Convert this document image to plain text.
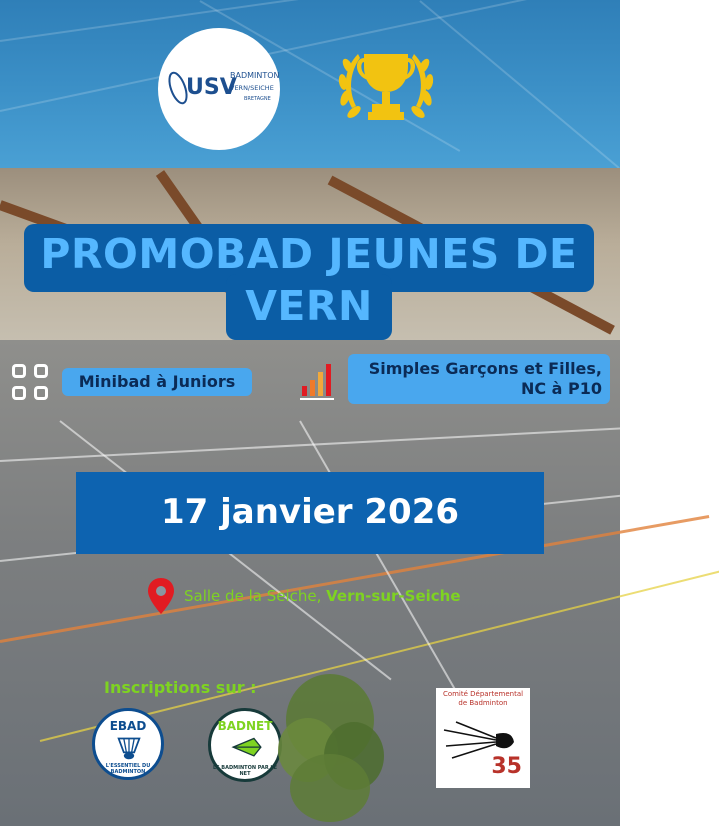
USV
BADMINTON
VERN/SEICHE
BRETAGNE
PROMOBAD JEUNES DE VERN
Minibad à Juniors
Simples Garçons et Filles,
NC à P10
17 janvier 2026
Salle de la Seiche, Vern-sur-Seiche
Inscriptions sur :
EBAD
L'ESSENTIEL DU BADMINTON
BADNET
LE BADMINTON PAR LE NET
Comité Départemental
de Badminton
35
